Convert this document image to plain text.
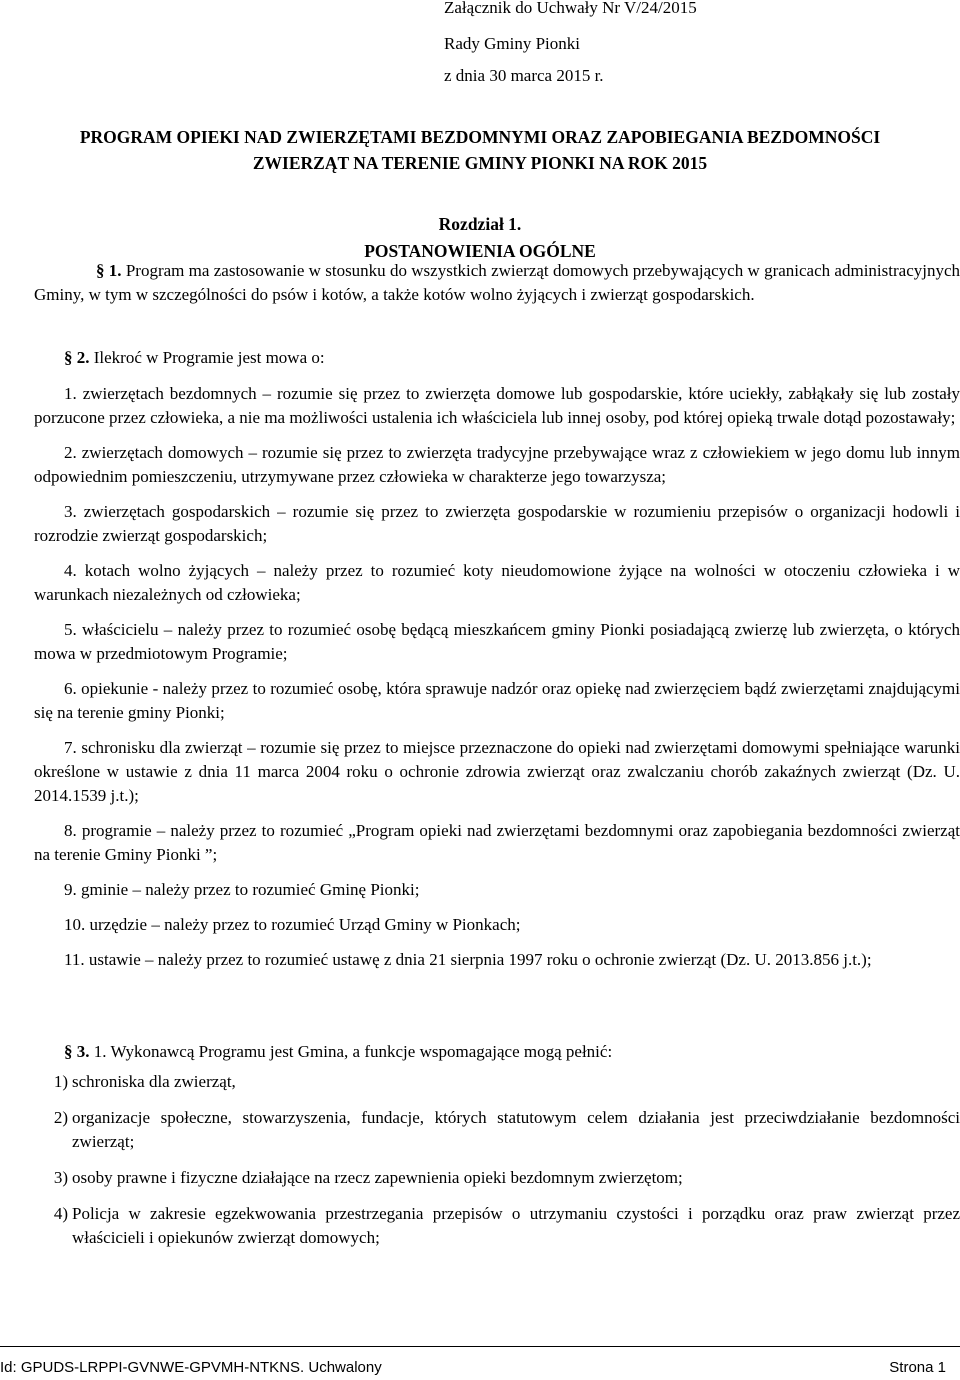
Załącznik do Uchwały Nr V/24/2015
Rady Gminy Pionki
z dnia 30 marca 2015 r.
PROGRAM OPIEKI NAD ZWIERZĘTAMI BEZDOMNYMI ORAZ ZAPOBIEGANIA BEZDOMNOŚCI
ZWIERZĄT NA TERENIE GMINY PIONKI NA ROK 2015
Rozdział 1.
POSTANOWIENIA OGÓLNE

§ 1. Program ma zastosowanie w stosunku do wszystkich zwierząt domowych przebywających w granicach administracyjnych Gminy, w tym w szczególności do psów i kotów, a także kotów wolno żyjących i zwierząt gospodarskich.

§ 2. Ilekroć w Programie jest mowa o:

1. zwierzętach bezdomnych – rozumie się przez to zwierzęta domowe lub gospodarskie, które uciekły, zabłąkały się lub zostały porzucone przez człowieka, a nie ma możliwości ustalenia ich właściciela lub innej osoby, pod której opieką trwale dotąd pozostawały;

2. zwierzętach domowych – rozumie się przez to zwierzęta tradycyjne przebywające wraz z człowiekiem w jego domu lub innym odpowiednim pomieszczeniu, utrzymywane przez człowieka w charakterze jego towarzysza;

3. zwierzętach gospodarskich – rozumie się przez to zwierzęta gospodarskie w rozumieniu przepisów o organizacji hodowli i rozrodzie zwierząt gospodarskich;

4. kotach wolno żyjących – należy przez to rozumieć koty nieudomowione żyjące na wolności w otoczeniu człowieka i w warunkach niezależnych od człowieka;

5. właścicielu – należy przez to rozumieć osobę będącą mieszkańcem gminy Pionki posiadającą zwierzę lub zwierzęta, o których mowa w przedmiotowym Programie;

6. opiekunie - należy przez to rozumieć osobę, która sprawuje nadzór oraz opiekę nad zwierzęciem bądź zwierzętami znajdującymi się na terenie gminy Pionki;

7. schronisku dla zwierząt – rozumie się przez to miejsce przeznaczone do opieki nad zwierzętami domowymi spełniające warunki określone w ustawie z dnia 11 marca 2004 roku o ochronie zdrowia zwierząt oraz zwalczaniu chorób zakaźnych zwierząt (Dz. U. 2014.1539 j.t.);

8. programie – należy przez to rozumieć „Program opieki nad zwierzętami bezdomnymi oraz zapobiegania bezdomności zwierząt na terenie Gminy Pionki ”;

9. gminie – należy przez to rozumieć Gminę Pionki;

10. urzędzie – należy przez to rozumieć Urząd Gminy w Pionkach;

11. ustawie – należy przez to rozumieć ustawę z dnia 21 sierpnia 1997 roku o ochronie zwierząt (Dz. U. 2013.856 j.t.);

§ 3. 1. Wykonawcą Programu jest Gmina, a funkcje wspomagające mogą pełnić:

1) schroniska dla zwierząt,
2) organizacje społeczne, stowarzyszenia, fundacje, których statutowym celem działania jest przeciwdziałanie bezdomności zwierząt;
3) osoby prawne i fizyczne działające na rzecz zapewnienia opieki bezdomnym zwierzętom;
4) Policja w zakresie egzekwowania przestrzegania przepisów o utrzymaniu czystości i porządku oraz praw zwierząt przez właścicieli i opiekunów zwierząt domowych;
Id: GPUDS-LRPPI-GVNWE-GPVMH-NTKNS. Uchwalony	Strona 1
